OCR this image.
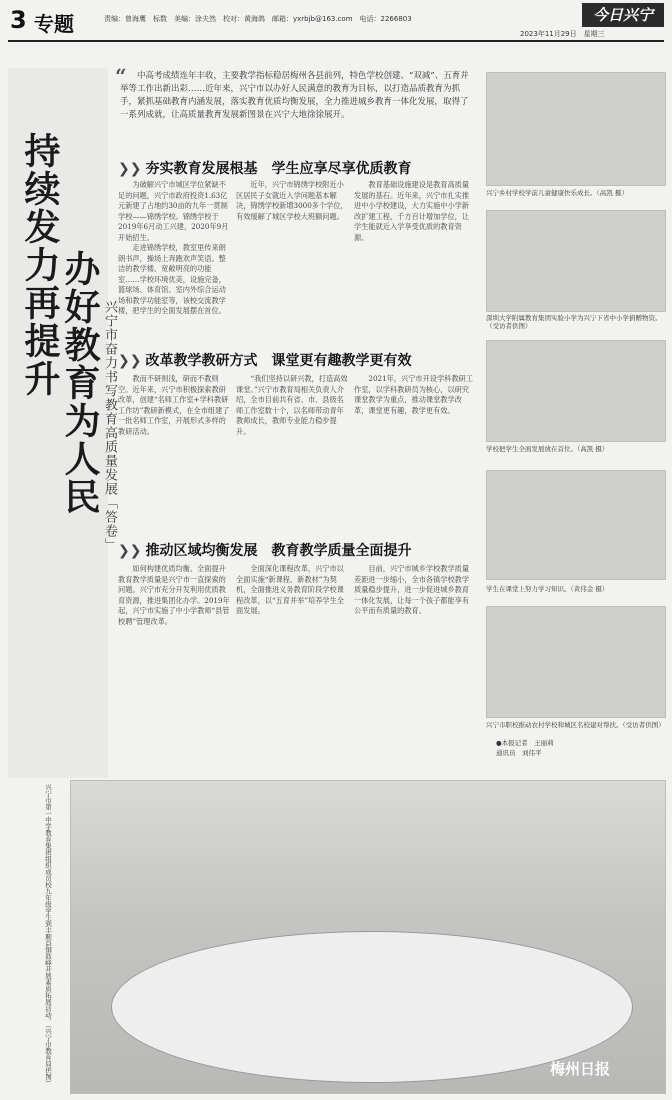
3 专题	责编：曾海鹰　标数　美编：涂夫然　校对：黄海鸽　邮箱：yxrbjb@163.com　电话：2266803	今日兴宁
2023年11月29日　星期三
持续发力再提升
办好教育为人民 兴宁市奋力书写教育高质量发展「答卷」
“	中高考成绩连年丰收，主要教学指标稳居梅州各县前列，特色学校创建、“双减”、五育并举等工作出新出彩……近年来，兴宁市以办好人民满意的教育为目标，以打造品质教育为抓手，紧抓基础教育内涵发展，落实教育优质均衡发展，全力推进城乡教育一体化发展，取得了一系列成就，让高质量教育发展新图景在兴宁大地徐徐展开。
❯❯ 夯实教育发展根基　学生应享尽享优质教育

为破解兴宁市城区学位紧缺不足的问题，兴宁市政府投资1.63亿元新建了占地约30亩的九年一贯制学校——锦绣学校。锦绣学校于2019年6月动工兴建，2020年9月开始招生。

走进锦绣学校，教室里传来朗朗书声，操场上奔跑欢声笑语。整洁的教学楼、宽敞明亮的功能室……学校环境优美，设施完备，篮球场、体育馆、室内外综合运动场和教学功能室等，该校交流教学楼，把学生的全面发展摆在首位。

近年，兴宁市锦绣学校附近小区居民子女就近入学问题基本解决，锦绣学校新增3000多个学位，有效缓解了城区学校大班额问题。

教育基础设施建设是教育高质量发展的基石。近年来，兴宁市扎实推进中小学校建设，大力实施中小学新改扩建工程，千方百计增加学位，让学生能就近入学享受优质的教育资源。

❯❯ 改革教学教研方式　课堂更有趣教学更有效

教而不研则浅，研而不教则空。近年来，兴宁市积极探索教研改革，创建“名师工作室+学科教研工作坊”教研新模式，在全市组建了一批名师工作室，开展形式多样的教研活动。

“我们坚持以研兴教，打造高效课堂。”兴宁市教育局相关负责人介绍，全市目前共有省、市、县级名师工作室数十个，以名师带动青年教师成长，教师专业能力稳步提升。

2021年，兴宁市开设学科教研工作室，以学科教研员为核心，以研究课堂教学为重点，推动课堂教学改革，课堂更有趣，教学更有效。

❯❯ 推动区域均衡发展　教育教学质量全面提升

如何构建优质均衡、全面提升教育教学质量是兴宁市一直探索的问题。兴宁市充分开发利用优质教育资源，推进集团化办学。2019年起，兴宁市实施了中小学教师“县管校聘”管理改革。

全面深化课程改革，兴宁市以全面实施“新课程、新教材”为契机，全面推进义务教育阶段学校课程改革，以“五育并举”培养学生全面发展。

目前，兴宁市城乡学校教学质量差距进一步缩小，全市各镇学校教学质量稳步提升，进一步促进城乡教育一体化发展，让每一个孩子都能享有公平而有质量的教育。

兴宁乡村学校学前儿童健康快乐成长。（高凯 摄）
深圳大学附属教育集团实验小学为兴宁下省中小学捐赠物资。（受访者供图）
学校把学生全面发展放在首位。（高凯 摄）
学生在课堂上努力学习知识。（黄伟金 摄）
兴宁市职校推动农村学校和城区名校建对帮扶。（受访者供图）
●本报记者　王丽莉
通讯员　刘伟平
兴宁市第一中学教育集团组织成员校九年级学生到丰顺县铜鼓峰开展素质拓展活动。（兴宁市教育局供图）	梅州日报
